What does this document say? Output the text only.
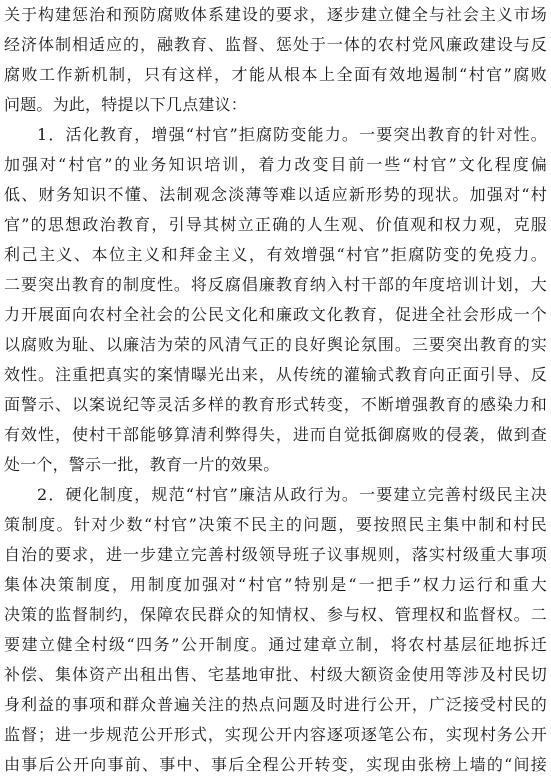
关于构建惩治和预防腐败体系建设的要求，逐步建立健全与社会主义市场
经济体制相适应的，融教育、监督、惩处于一体的农村党风廉政建设与反
腐败工作新机制，只有这样，才能从根本上全面有效地遏制“村官”腐败
问题。为此，特提以下几点建议：
1．活化教育，增强“村官”拒腐防变能力。一要突出教育的针对性。
加强对“村官”的业务知识培训，着力改变目前一些“村官”文化程度偏
低、财务知识不懂、法制观念淡薄等难以适应新形势的现状。加强对“村
官”的思想政治教育，引导其树立正确的人生观、价值观和权力观，克服
利己主义、本位主义和拜金主义，有效增强“村官”拒腐防变的免疫力。
二要突出教育的制度性。将反腐倡廉教育纳入村干部的年度培训计划，大
力开展面向农村全社会的公民文化和廉政文化教育，促进全社会形成一个
以腐败为耻、以廉洁为荣的风清气正的良好舆论氛围。三要突出教育的实
效性。注重把真实的案情曝光出来，从传统的灌输式教育向正面引导、反
面警示、以案说纪等灵活多样的教育形式转变，不断增强教育的感染力和
有效性，使村干部能够算清利弊得失，进而自觉抵御腐败的侵袭，做到查
处一个，警示一批，教育一片的效果。
2．硬化制度，规范“村官”廉洁从政行为。一要建立完善村级民主决
策制度。针对少数“村官”决策不民主的问题，要按照民主集中制和村民
自治的要求，进一步建立完善村级领导班子议事规则，落实村级重大事项
集体决策制度，用制度加强对“村官”特别是“一把手”权力运行和重大
决策的监督制约，保障农民群众的知情权、参与权、管理权和监督权。二
要建立健全村级“四务”公开制度。通过建章立制，将农村基层征地拆迁
补偿、集体资产出租出售、宅基地审批、村级大额资金使用等涉及村民切
身利益的事项和群众普遍关注的热点问题及时进行公开，广泛接受村民的
监督；进一步规范公开形式，实现公开内容逐项逐笔公布，实现村务公开
由事后公开向事前、事中、事后全程公开转变，实现由张榜上墙的“间接
